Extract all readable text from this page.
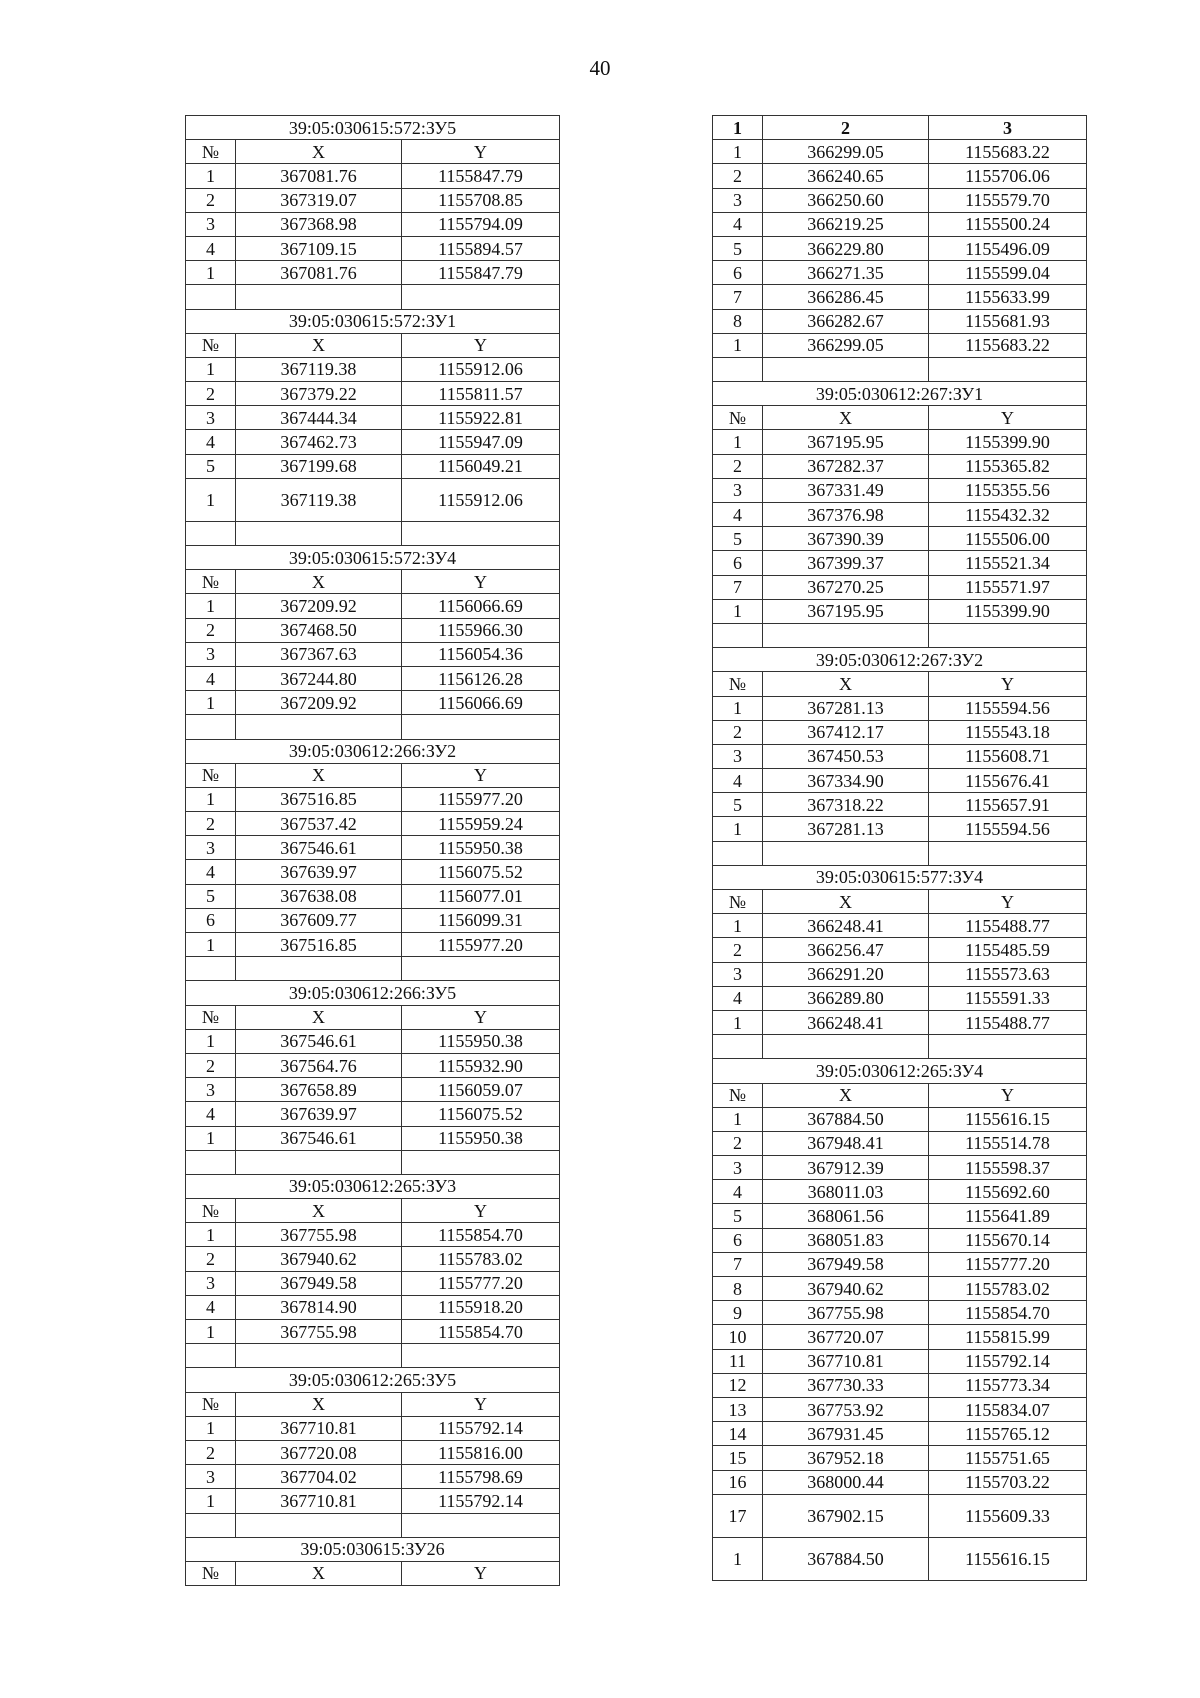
40
39:05:030615:572:ЗУ5		
№	X	Y
1	367081.76	1155847.79
2	367319.07	1155708.85
3	367368.98	1155794.09
4	367109.15	1155894.57
1	367081.76	1155847.79

39:05:030615:572:ЗУ1		
№	X	Y
1	367119.38	1155912.06
2	367379.22	1155811.57
3	367444.34	1155922.81
4	367462.73	1155947.09
5	367199.68	1156049.21
1	367119.38	1155912.06

39:05:030615:572:ЗУ4		
№	X	Y
1	367209.92	1156066.69
2	367468.50	1155966.30
3	367367.63	1156054.36
4	367244.80	1156126.28
1	367209.92	1156066.69

39:05:030612:266:ЗУ2		
№	X	Y
1	367516.85	1155977.20
2	367537.42	1155959.24
3	367546.61	1155950.38
4	367639.97	1156075.52
5	367638.08	1156077.01
6	367609.77	1156099.31
1	367516.85	1155977.20

39:05:030612:266:ЗУ5		
№	X	Y
1	367546.61	1155950.38
2	367564.76	1155932.90
3	367658.89	1156059.07
4	367639.97	1156075.52
1	367546.61	1155950.38

39:05:030612:265:ЗУ3		
№	X	Y
1	367755.98	1155854.70
2	367940.62	1155783.02
3	367949.58	1155777.20
4	367814.90	1155918.20
1	367755.98	1155854.70

39:05:030612:265:ЗУ5		
№	X	Y
1	367710.81	1155792.14
2	367720.08	1155816.00
3	367704.02	1155798.69
1	367710.81	1155792.14

39:05:030615:ЗУ26		
№	X	Y
1	2	3
1	366299.05	1155683.22
2	366240.65	1155706.06
3	366250.60	1155579.70
4	366219.25	1155500.24
5	366229.80	1155496.09
6	366271.35	1155599.04
7	366286.45	1155633.99
8	366282.67	1155681.93
1	366299.05	1155683.22

39:05:030612:267:ЗУ1		
№	X	Y
1	367195.95	1155399.90
2	367282.37	1155365.82
3	367331.49	1155355.56
4	367376.98	1155432.32
5	367390.39	1155506.00
6	367399.37	1155521.34
7	367270.25	1155571.97
1	367195.95	1155399.90

39:05:030612:267:ЗУ2		
№	X	Y
1	367281.13	1155594.56
2	367412.17	1155543.18
3	367450.53	1155608.71
4	367334.90	1155676.41
5	367318.22	1155657.91
1	367281.13	1155594.56

39:05:030615:577:ЗУ4		
№	X	Y
1	366248.41	1155488.77
2	366256.47	1155485.59
3	366291.20	1155573.63
4	366289.80	1155591.33
1	366248.41	1155488.77

39:05:030612:265:ЗУ4		
№	X	Y
1	367884.50	1155616.15
2	367948.41	1155514.78
3	367912.39	1155598.37
4	368011.03	1155692.60
5	368061.56	1155641.89
6	368051.83	1155670.14
7	367949.58	1155777.20
8	367940.62	1155783.02
9	367755.98	1155854.70
10	367720.07	1155815.99
11	367710.81	1155792.14
12	367730.33	1155773.34
13	367753.92	1155834.07
14	367931.45	1155765.12
15	367952.18	1155751.65
16	368000.44	1155703.22
17	367902.15	1155609.33
1	367884.50	1155616.15
